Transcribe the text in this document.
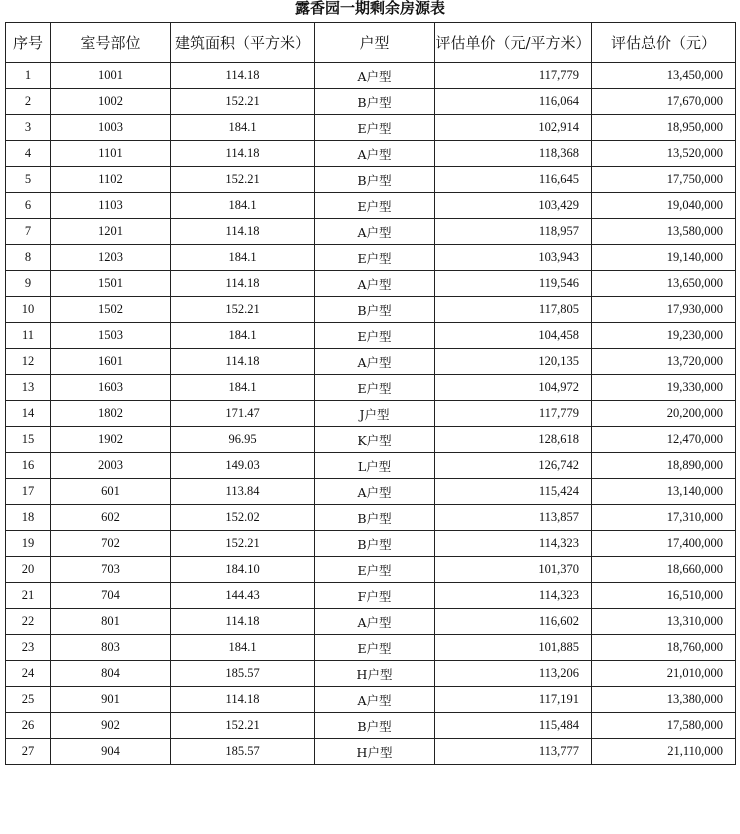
露香园一期剩余房源表
序号	室号部位	建筑面积（平方米）	户型	评估单价（元/平方米）	评估总价（元）
1	1001	114.18	A户型	117,779	13,450,000
2	1002	152.21	B户型	116,064	17,670,000
3	1003	184.1	E户型	102,914	18,950,000
4	1101	114.18	A户型	118,368	13,520,000
5	1102	152.21	B户型	116,645	17,750,000
6	1103	184.1	E户型	103,429	19,040,000
7	1201	114.18	A户型	118,957	13,580,000
8	1203	184.1	E户型	103,943	19,140,000
9	1501	114.18	A户型	119,546	13,650,000
10	1502	152.21	B户型	117,805	17,930,000
11	1503	184.1	E户型	104,458	19,230,000
12	1601	114.18	A户型	120,135	13,720,000
13	1603	184.1	E户型	104,972	19,330,000
14	1802	171.47	J户型	117,779	20,200,000
15	1902	96.95	K户型	128,618	12,470,000
16	2003	149.03	L户型	126,742	18,890,000
17	601	113.84	A户型	115,424	13,140,000
18	602	152.02	B户型	113,857	17,310,000
19	702	152.21	B户型	114,323	17,400,000
20	703	184.10	E户型	101,370	18,660,000
21	704	144.43	F户型	114,323	16,510,000
22	801	114.18	A户型	116,602	13,310,000
23	803	184.1	E户型	101,885	18,760,000
24	804	185.57	H户型	113,206	21,010,000
25	901	114.18	A户型	117,191	13,380,000
26	902	152.21	B户型	115,484	17,580,000
27	904	185.57	H户型	113,777	21,110,000
